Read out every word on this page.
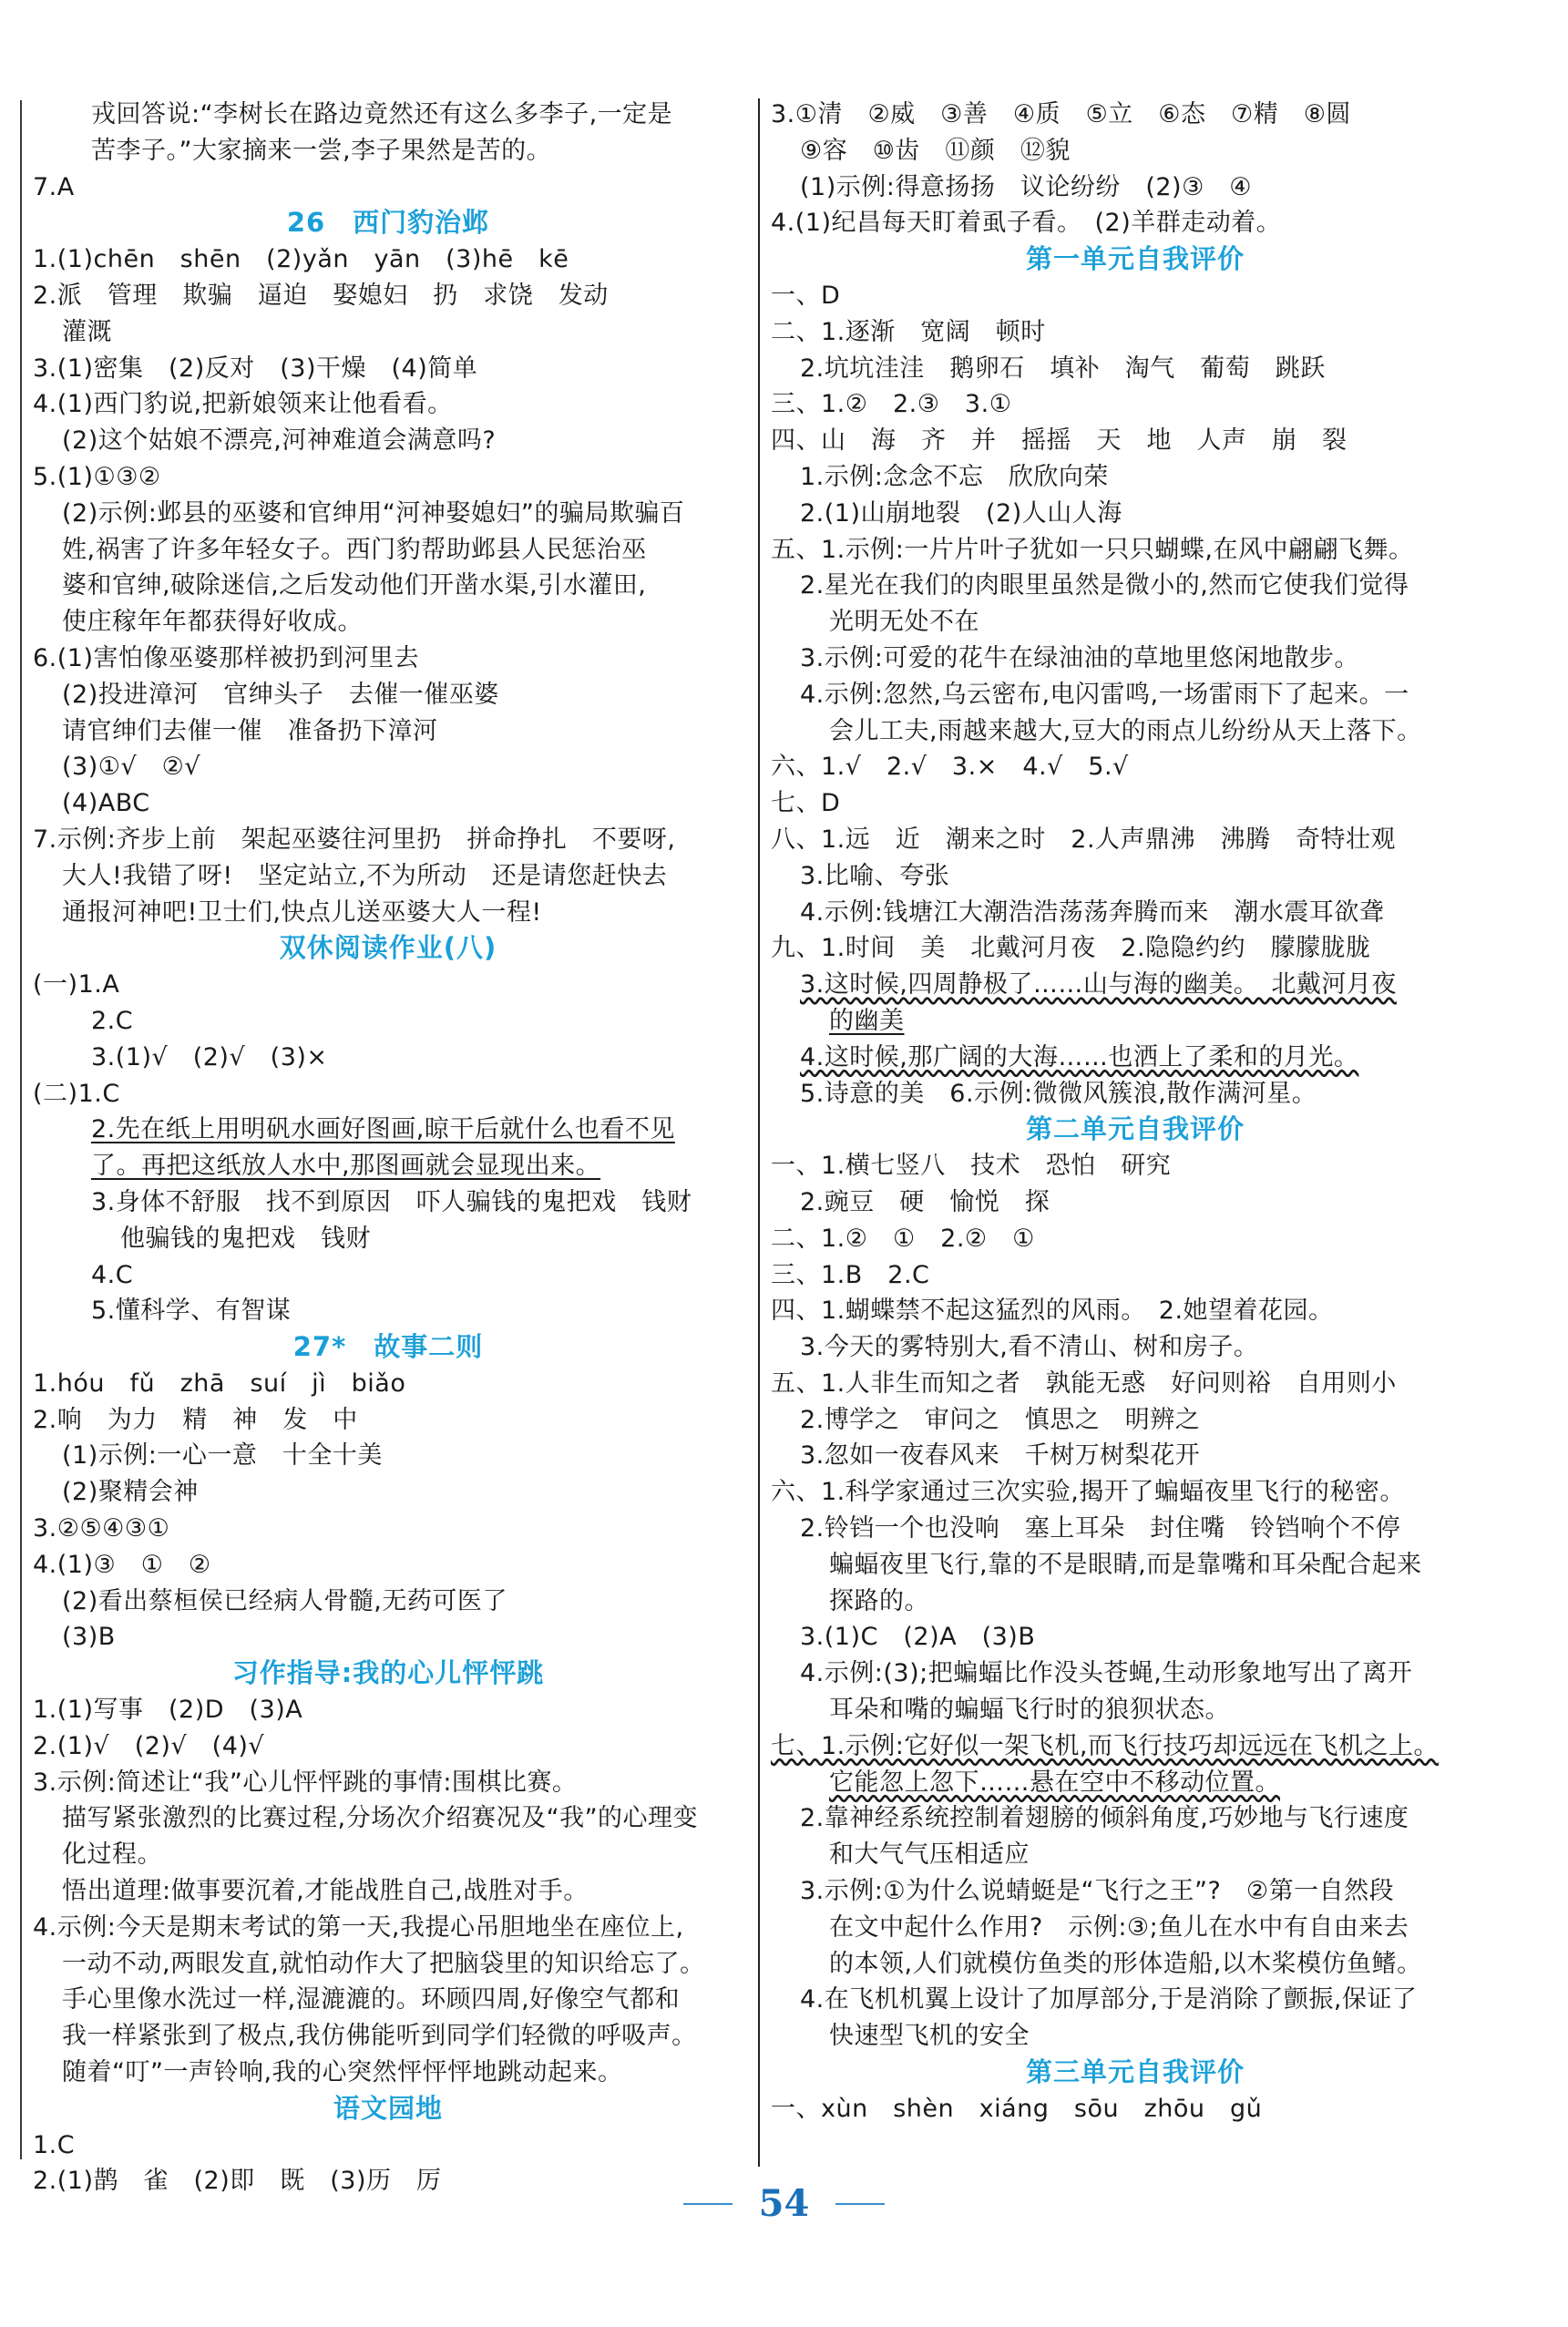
戎回答说:“李树长在路边竟然还有这么多李子,一定是
苦李子。”大家摘来一尝,李子果然是苦的。
7.A
26　西门豹治邺
1.(1)chēn　shēn　(2)yǎn　yān　(3)hē　kē
2.派　管理　欺骗　逼迫　娶媳妇　扔　求饶　发动
灌溉
3.(1)密集　(2)反对　(3)干燥　(4)简单
4.(1)西门豹说,把新娘领来让他看看。
(2)这个姑娘不漂亮,河神难道会满意吗?
5.(1)①③②
(2)示例:邺县的巫婆和官绅用“河神娶媳妇”的骗局欺骗百
姓,祸害了许多年轻女子。西门豹帮助邺县人民惩治巫
婆和官绅,破除迷信,之后发动他们开凿水渠,引水灌田,
使庄稼年年都获得好收成。
6.(1)害怕像巫婆那样被扔到河里去
(2)投进漳河　官绅头子　去催一催巫婆
请官绅们去催一催　准备扔下漳河
(3)①√　②√
(4)ABC
7.示例:齐步上前　架起巫婆往河里扔　拼命挣扎　不要呀,
大人!我错了呀!　坚定站立,不为所动　还是请您赶快去
通报河神吧!卫士们,快点儿送巫婆大人一程!
双休阅读作业(八)
(一)1.A
2.C
3.(1)√　(2)√　(3)×
(二)1.C
2.先在纸上用明矾水画好图画,晾干后就什么也看不见
了。再把这纸放人水中,那图画就会显现出来。
3.身体不舒服　找不到原因　吓人骗钱的鬼把戏　钱财
他骗钱的鬼把戏　钱财
4.C
5.懂科学、有智谋
27*　故事二则
1.hóu　fǔ　zhā　suí　jì　biǎo
2.响　为力　精　神　发　中
(1)示例:一心一意　十全十美
(2)聚精会神
3.②⑤④③①
4.(1)③　①　②
(2)看出蔡桓侯已经病人骨髓,无药可医了
(3)B
习作指导:我的心儿怦怦跳
1.(1)写事　(2)D　(3)A
2.(1)√　(2)√　(4)√
3.示例:简述让“我”心儿怦怦跳的事情:围棋比赛。
描写紧张激烈的比赛过程,分场次介绍赛况及“我”的心理变
化过程。
悟出道理:做事要沉着,才能战胜自己,战胜对手。
4.示例:今天是期末考试的第一天,我提心吊胆地坐在座位上,
一动不动,两眼发直,就怕动作大了把脑袋里的知识给忘了。
手心里像水洗过一样,湿漉漉的。环顾四周,好像空气都和
我一样紧张到了极点,我仿佛能听到同学们轻微的呼吸声。
随着“叮”一声铃响,我的心突然怦怦怦地跳动起来。
语文园地
1.C
2.(1)鹊　雀　(2)即　既　(3)历　厉
3.①清　②威　③善　④质　⑤立　⑥态　⑦精　⑧圆
⑨容　⑩齿　⑪颜　⑫貌
(1)示例:得意扬扬　议论纷纷　(2)③　④
4.(1)纪昌每天盯着虱子看。　(2)羊群走动着。
第一单元自我评价
一、D
二、1.逐渐　宽阔　顿时
2.坑坑洼洼　鹅卵石　填补　淘气　葡萄　跳跃
三、1.②　2.③　3.①
四、山　海　齐　并　摇摇　天　地　人声　崩　裂
1.示例:念念不忘　欣欣向荣
2.(1)山崩地裂　(2)人山人海
五、1.示例:一片片叶子犹如一只只蝴蝶,在风中翩翩飞舞。
2.星光在我们的肉眼里虽然是微小的,然而它使我们觉得
光明无处不在
3.示例:可爱的花牛在绿油油的草地里悠闲地散步。
4.示例:忽然,乌云密布,电闪雷鸣,一场雷雨下了起来。一
会儿工夫,雨越来越大,豆大的雨点儿纷纷从天上落下。
六、1.√　2.√　3.×　4.√　5.√
七、D
八、1.远　近　潮来之时　2.人声鼎沸　沸腾　奇特壮观
3.比喻、夸张
4.示例:钱塘江大潮浩浩荡荡奔腾而来　潮水震耳欲聋
九、1.时间　美　北戴河月夜　2.隐隐约约　朦朦胧胧
3.这时候,四周静极了……山与海的幽美。　北戴河月夜
的幽美
4.这时候,那广阔的大海……也洒上了柔和的月光。
5.诗意的美　6.示例:微微风簇浪,散作满河星。
第二单元自我评价
一、1.横七竖八　技术　恐怕　研究
2.豌豆　硬　愉悦　探
二、1.②　①　2.②　①
三、1.B　2.C
四、1.蝴蝶禁不起这猛烈的风雨。　2.她望着花园。
3.今天的雾特别大,看不清山、树和房子。
五、1.人非生而知之者　孰能无惑　好问则裕　自用则小
2.博学之　审问之　慎思之　明辨之
3.忽如一夜春风来　千树万树梨花开
六、1.科学家通过三次实验,揭开了蝙蝠夜里飞行的秘密。
2.铃铛一个也没响　塞上耳朵　封住嘴　铃铛响个不停
蝙蝠夜里飞行,靠的不是眼睛,而是靠嘴和耳朵配合起来
探路的。
3.(1)C　(2)A　(3)B
4.示例:(3);把蝙蝠比作没头苍蝇,生动形象地写出了离开
耳朵和嘴的蝙蝠飞行时的狼狈状态。
七、1.示例:它好似一架飞机,而飞行技巧却远远在飞机之上。
它能忽上忽下……悬在空中不移动位置。
2.靠神经系统控制着翅膀的倾斜角度,巧妙地与飞行速度
和大气气压相适应
3.示例:①为什么说蜻蜓是“飞行之王”?　②第一自然段
在文中起什么作用?　示例:③;鱼儿在水中有自由来去
的本领,人们就模仿鱼类的形体造船,以木桨模仿鱼鳍。
4.在飞机机翼上设计了加厚部分,于是消除了颤振,保证了
快速型飞机的安全
第三单元自我评价
一、xùn　shèn　xiáng　sōu　zhōu　gǔ
54
